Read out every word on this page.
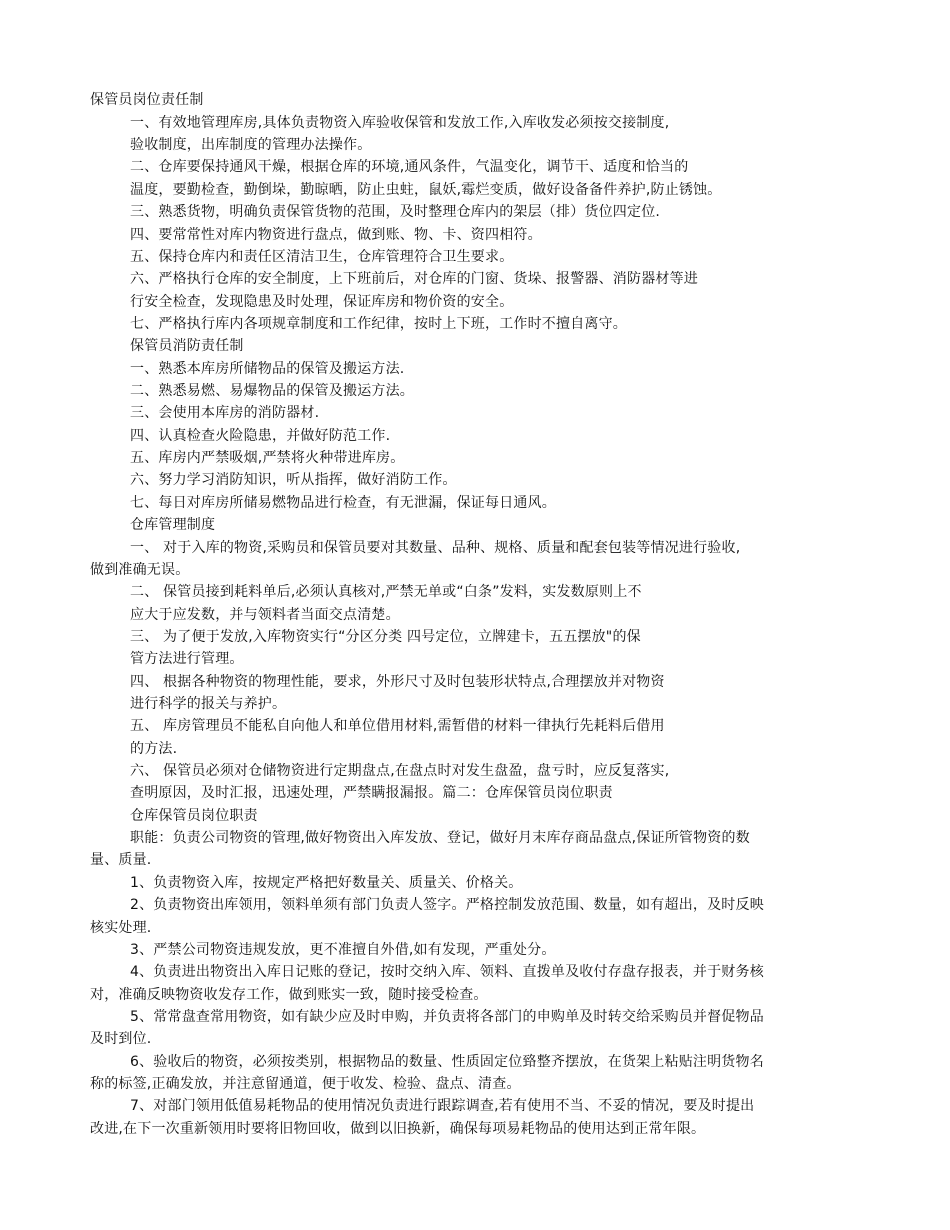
保管员岗位责任制
一、有效地管理库房,具体负责物资入库验收保管和发放工作,入库收发必须按交接制度,
验收制度，出库制度的管理办法操作。
二、仓库要保持通风干燥，根据仓库的环境,通风条件，气温变化，调节干、适度和恰当的
温度，要勤检查，勤倒垛，勤晾晒，防止虫蛀，鼠妖,霉烂变质，做好设备备件养护,防止锈蚀。
三、熟悉货物，明确负责保管货物的范围，及时整理仓库内的架层（排）货位四定位.
四、要常常性对库内物资进行盘点，做到账、物、卡、资四相符。
五、保持仓库内和责任区清洁卫生，仓库管理符合卫生要求。
六、严格执行仓库的安全制度，上下班前后，对仓库的门窗、货垛、报警器、消防器材等进
行安全检查，发现隐患及时处理，保证库房和物价资的安全。
七、严格执行库内各项规章制度和工作纪律，按时上下班，工作时不擅自离守。
保管员消防责任制
一、熟悉本库房所储物品的保管及搬运方法.
二、熟悉易燃、易爆物品的保管及搬运方法。
三、会使用本库房的消防器材.
四、认真检查火险隐患，并做好防范工作.
五、库房内严禁吸烟,严禁将火种带进库房。
六、努力学习消防知识，听从指挥，做好消防工作。
七、每日对库房所储易燃物品进行检查，有无泄漏，保证每日通风。
仓库管理制度
一、 对于入库的物资,采购员和保管员要对其数量、品种、规格、质量和配套包装等情况进行验收,
做到准确无误。
二、 保管员接到耗料单后,必须认真核对,严禁无单或“白条”发料，实发数原则上不
应大于应发数，并与领料者当面交点清楚。
三、 为了便于发放,入库物资实行“分区分类 四号定位，立牌建卡，五五摆放"的保
管方法进行管理。
四、 根据各种物资的物理性能，要求，外形尺寸及时包装形状特点,合理摆放并对物资
进行科学的报关与养护。
五、 库房管理员不能私自向他人和单位借用材料,需暂借的材料一律执行先耗料后借用
的方法.
六、 保管员必须对仓储物资进行定期盘点,在盘点时对发生盘盈，盘亏时，应反复落实,
查明原因，及时汇报，迅速处理，严禁瞒报漏报。篇二：仓库保管员岗位职责
仓库保管员岗位职责
职能：负责公司物资的管理,做好物资出入库发放、登记，做好月末库存商品盘点,保证所管物资的数
量、质量.
1、负责物资入库，按规定严格把好数量关、质量关、价格关。
2、负责物资出库领用，领料单须有部门负责人签字。严格控制发放范围、数量，如有超出，及时反映
核实处理.
3、严禁公司物资违规发放，更不准擅自外借,如有发现，严重处分。
4、负责进出物资出入库日记账的登记，按时交纳入库、领料、直拨单及收付存盘存报表，并于财务核
对，准确反映物资收发存工作，做到账实一致，随时接受检查。
5、常常盘查常用物资，如有缺少应及时申购，并负责将各部门的申购单及时转交给采购员并督促物品
及时到位.
6、验收后的物资，必须按类别，根据物品的数量、性质固定位臵整齐摆放，在货架上粘贴注明货物名
称的标签,正确发放，并注意留通道，便于收发、检验、盘点、清查。
7、对部门领用低值易耗物品的使用情况负责进行跟踪调查,若有使用不当、不妥的情况，要及时提出
改进,在下一次重新领用时要将旧物回收，做到以旧换新，确保每项易耗物品的使用达到正常年限。
